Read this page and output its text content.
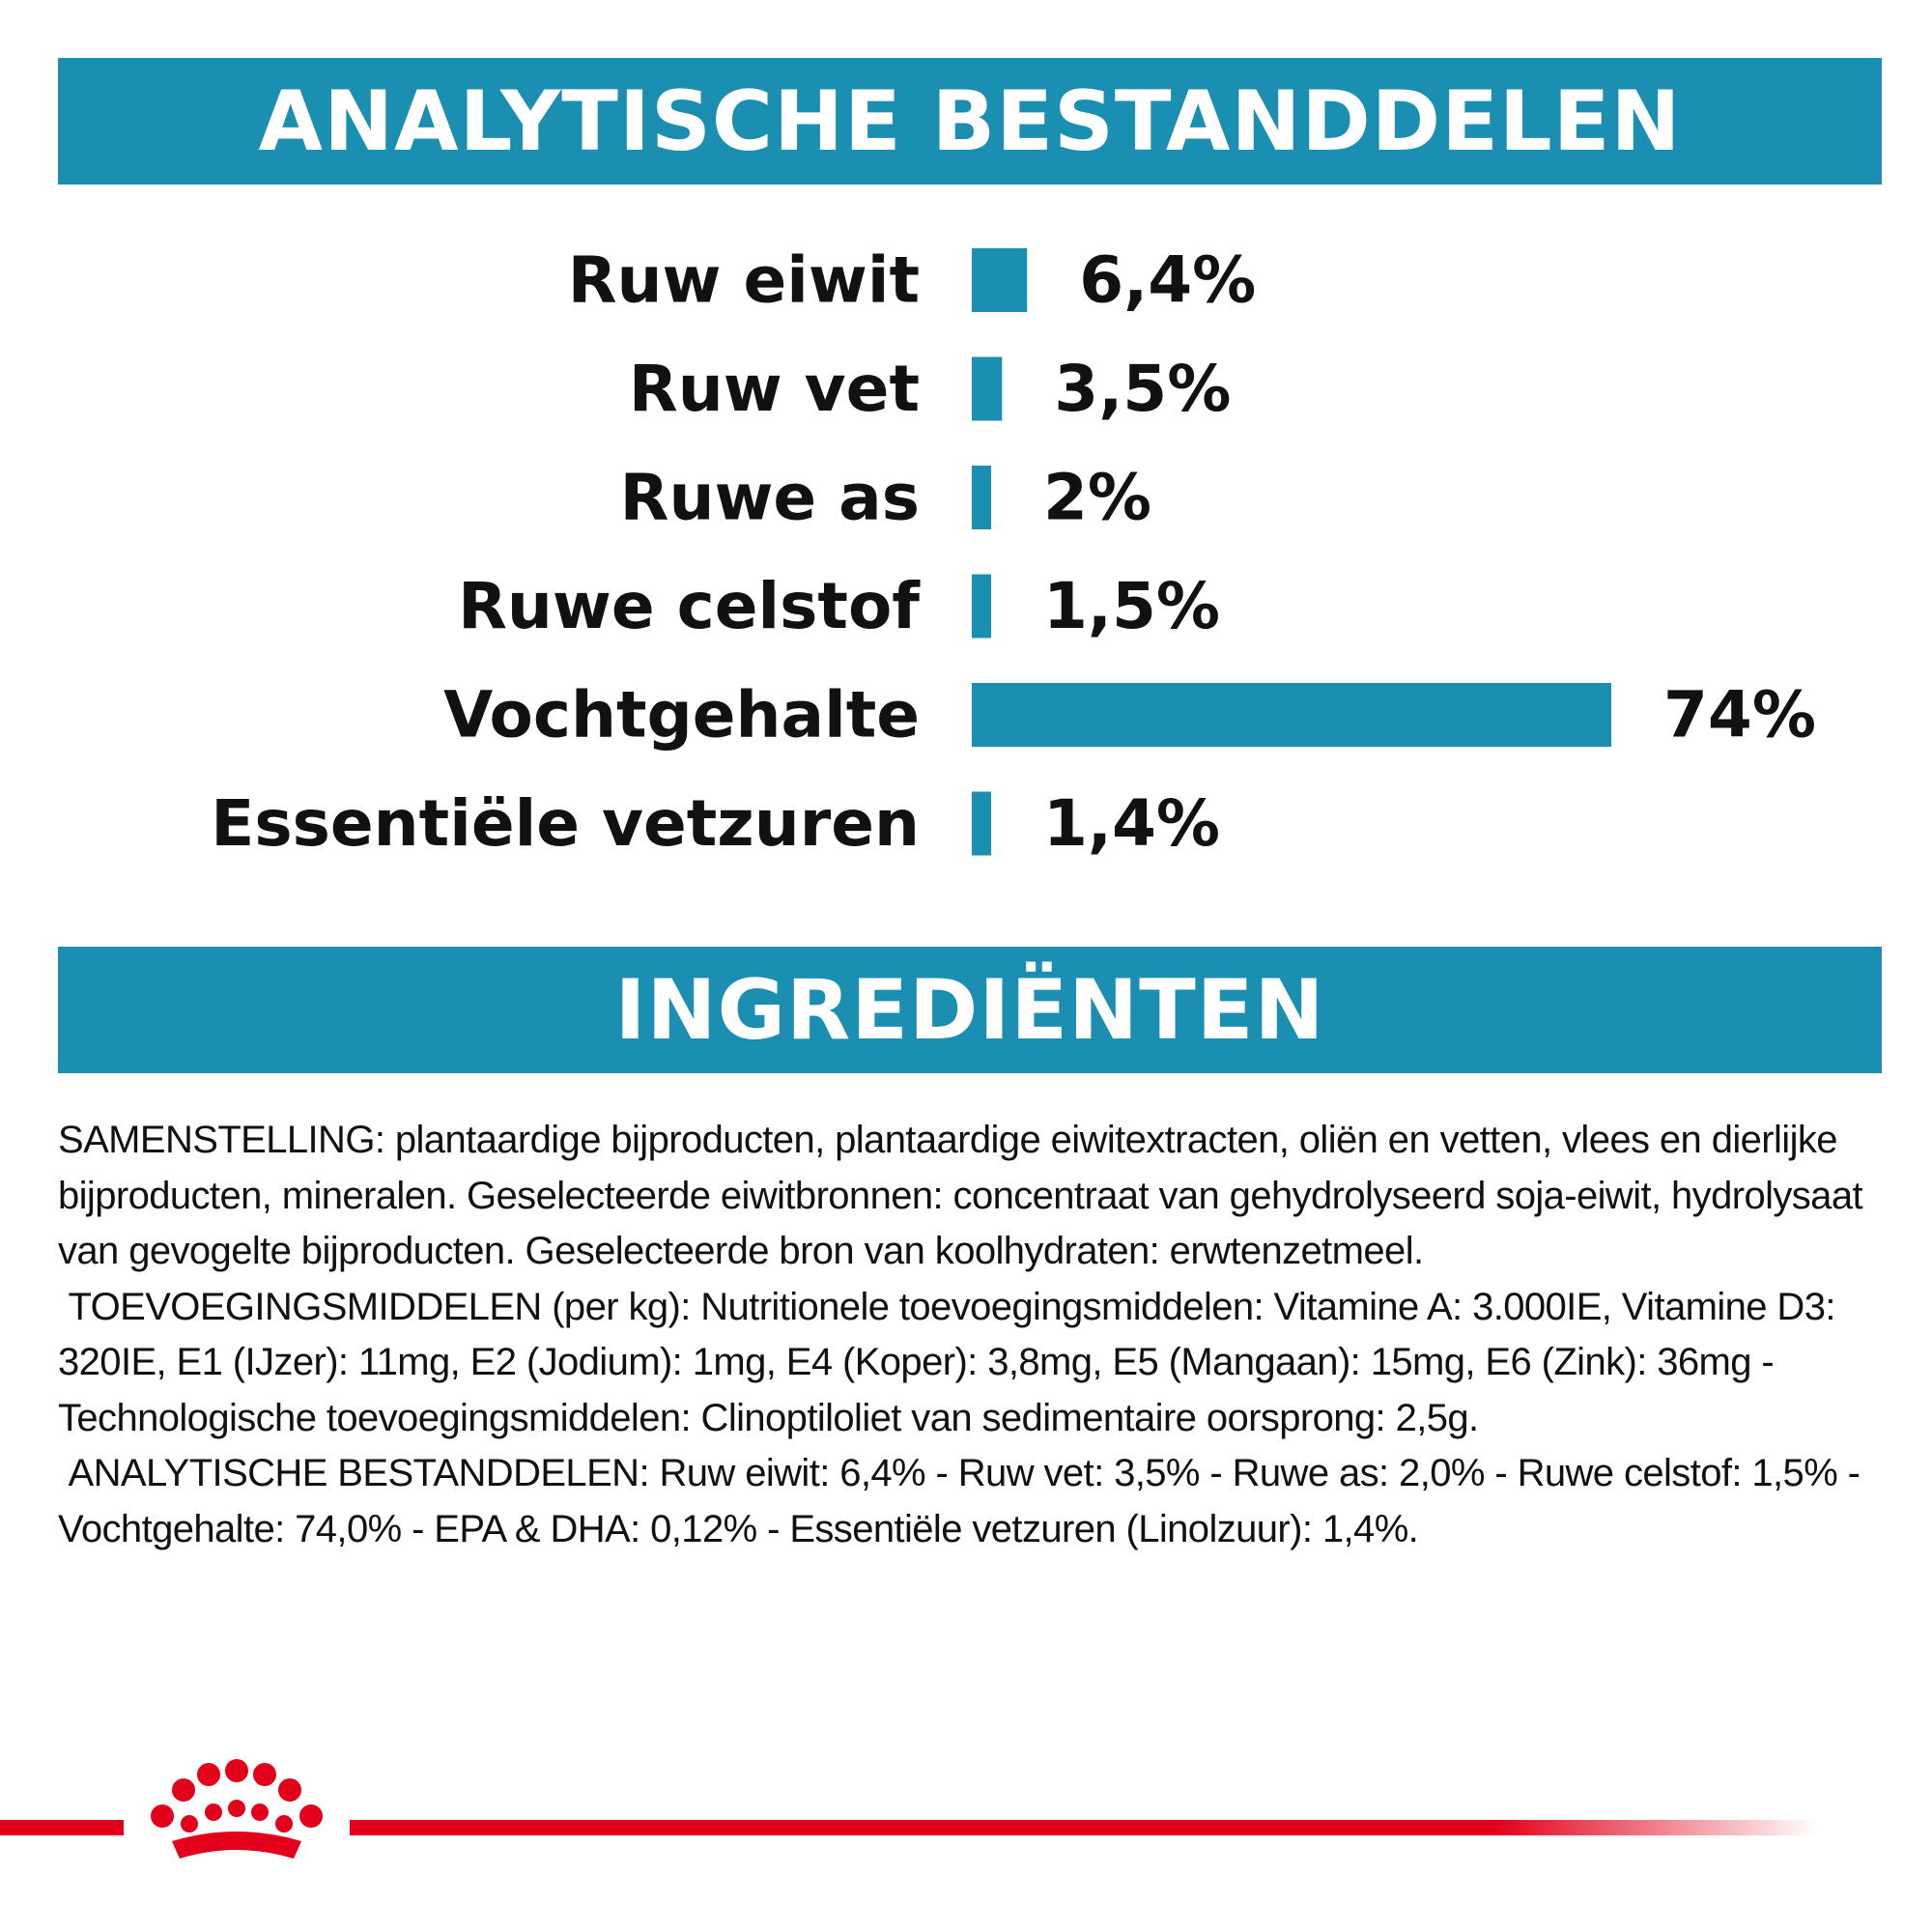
ANALYTISCHE BESTANDDELEN
Ruw eiwit	6,4%
Ruw vet 3,5%
Ruwe as 2%
Ruwe celstof 1,5%
Vochtgehalte	74%
Essentiële vetzuren 1,4%
INGREDIËNTEN

SAMENSTELLING: plantaardige bijproducten, plantaardige eiwitextracten, oliën en vetten, vlees en dierlijke bijproducten, mineralen. Geselecteerde eiwitbronnen: concentraat van gehydrolyseerd soja-eiwit, hydrolysaat van gevogelte bijproducten. Geselecteerde bron van koolhydraten: erwtenzetmeel.

TOEVOEGINGSMIDDELEN (per kg): Nutritionele toevoegingsmiddelen: Vitamine A: 3.000IE, Vitamine D3: 320IE, E1 (IJzer): 11mg, E2 (Jodium): 1mg, E4 (Koper): 3,8mg, E5 (Mangaan): 15mg, E6 (Zink): 36mg - Technologische toevoegingsmiddelen: Clinoptiloliet van sedimentaire oorsprong: 2,5g.

ANALYTISCHE BESTANDDELEN: Ruw eiwit: 6,4% - Ruw vet: 3,5% - Ruwe as: 2,0% - Ruwe celstof: 1,5% - Vochtgehalte: 74,0% - EPA & DHA: 0,12% - Essentiële vetzuren (Linolzuur): 1,4%.
